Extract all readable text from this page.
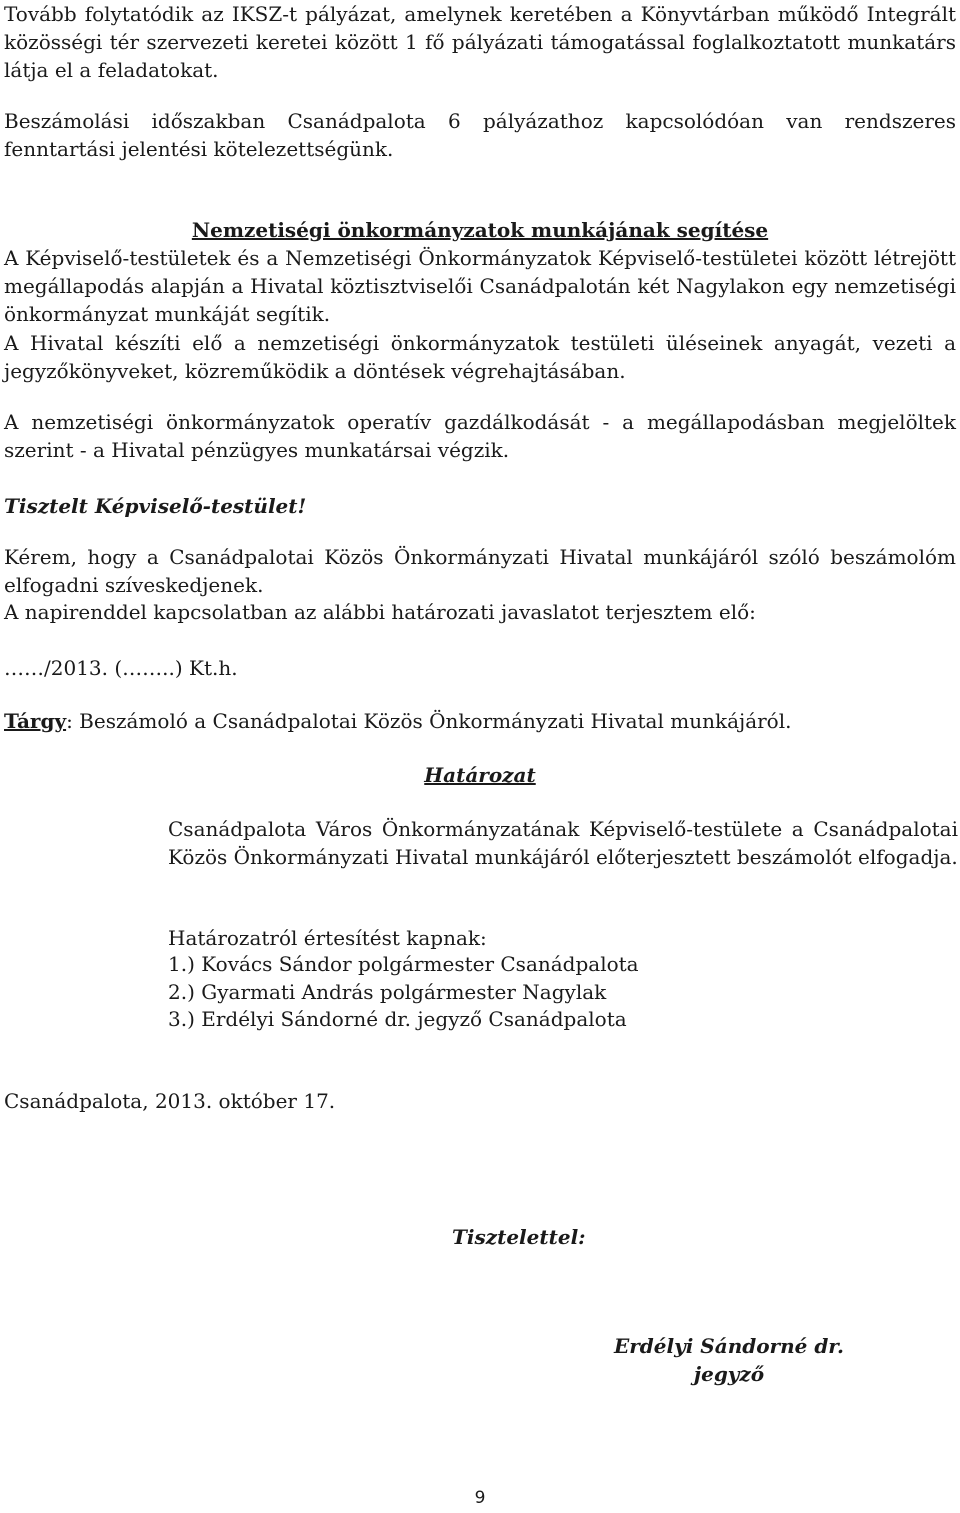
Tovább folytatódik az IKSZ-t pályázat, amelynek keretében a Könyvtárban működő Integrált közösségi tér szervezeti keretei között 1 fő pályázati támogatással foglalkoztatott munkatárs látja el a feladatokat.
Beszámolási időszakban Csanádpalota 6 pályázathoz kapcsolódóan van rendszeres fenntartási jelentési kötelezettségünk.
Nemzetiségi önkormányzatok munkájának segítése
A Képviselő-testületek és a Nemzetiségi Önkormányzatok Képviselő-testületei között létrejött megállapodás alapján a Hivatal köztisztviselői Csanádpalotán két Nagylakon egy nemzetiségi önkormányzat munkáját segítik.
A Hivatal készíti elő a nemzetiségi önkormányzatok testületi üléseinek anyagát, vezeti a jegyzőkönyveket, közreműködik a döntések végrehajtásában.
A nemzetiségi önkormányzatok operatív gazdálkodását - a megállapodásban megjelöltek szerint - a Hivatal pénzügyes munkatársai végzik.
Tisztelt Képviselő-testület!
Kérem, hogy a Csanádpalotai Közös Önkormányzati Hivatal munkájáról szóló beszámolóm elfogadni szíveskedjenek.
A napirenddel kapcsolatban az alábbi határozati javaslatot terjesztem elő:
……/2013. (……..) Kt.h.
Tárgy: Beszámoló a Csanádpalotai Közös Önkormányzati Hivatal munkájáról.
Határozat
Csanádpalota Város Önkormányzatának Képviselő-testülete a Csanádpalotai Közös Önkormányzati Hivatal munkájáról előterjesztett beszámolót elfogadja.
Határozatról értesítést kapnak:
1.) Kovács Sándor polgármester Csanádpalota
2.) Gyarmati András polgármester Nagylak
3.) Erdélyi Sándorné dr. jegyző Csanádpalota
Csanádpalota, 2013. október 17.
Tisztelettel:
Erdélyi Sándorné dr.
jegyző
9
